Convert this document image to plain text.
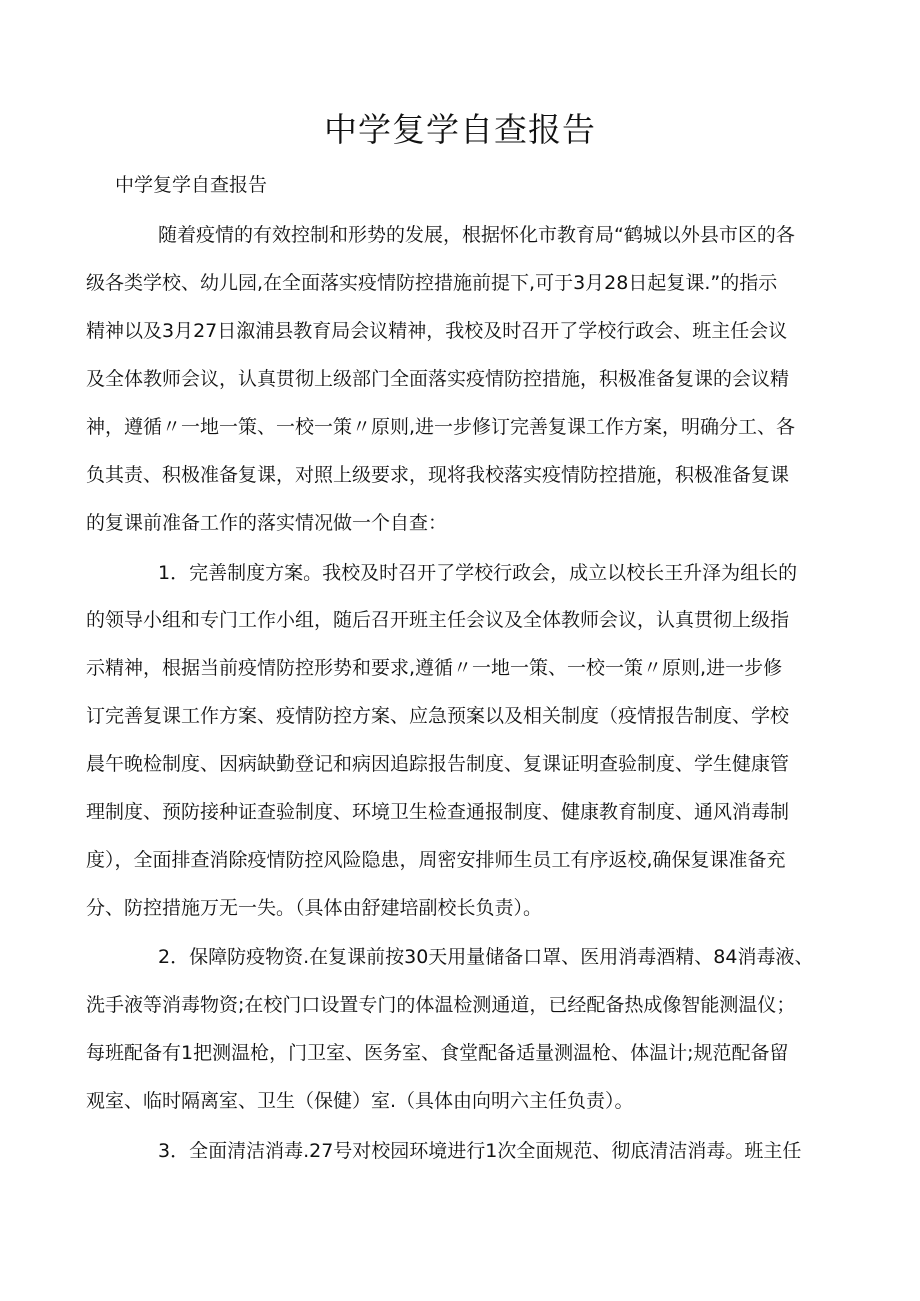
中学复学自查报告

中学复学自查报告

随着疫情的有效控制和形势的发展，根据怀化市教育局“鹤城以外县市区的各

级各类学校、幼儿园,在全面落实疫情防控措施前提下,可于3月28日起复课.”的指示

精神以及3月27日溆浦县教育局会议精神，我校及时召开了学校行政会、班主任会议

及全体教师会议，认真贯彻上级部门全面落实疫情防控措施，积极准备复课的会议精

神，遵循〃一地一策、一校一策〃原则,进一步修订完善复课工作方案，明确分工、各

负其责、积极准备复课，对照上级要求，现将我校落实疫情防控措施，积极准备复课

的复课前准备工作的落实情况做一个自查：

1．完善制度方案。我校及时召开了学校行政会，成立以校长王升泽为组长的

的领导小组和专门工作小组，随后召开班主任会议及全体教师会议，认真贯彻上级指

示精神，根据当前疫情防控形势和要求,遵循〃一地一策、一校一策〃原则,进一步修

订完善复课工作方案、疫情防控方案、应急预案以及相关制度（疫情报告制度、学校

晨午晚检制度、因病缺勤登记和病因追踪报告制度、复课证明查验制度、学生健康管

理制度、预防接种证查验制度、环境卫生检查通报制度、健康教育制度、通风消毒制

度），全面排查消除疫情防控风险隐患，周密安排师生员工有序返校,确保复课准备充

分、防控措施万无一失。（具体由舒建培副校长负责）。

2．保障防疫物资.在复课前按30天用量储备口罩、医用消毒酒精、84消毒液、

洗手液等消毒物资;在校门口设置专门的体温检测通道，已经配备热成像智能测温仪；

每班配备有1把测温枪，门卫室、医务室、食堂配备适量测温枪、体温计;规范配备留

观室、临时隔离室、卫生（保健）室.（具体由向明六主任负责）。

3．全面清洁消毒.27号对校园环境进行1次全面规范、彻底清洁消毒。班主任
